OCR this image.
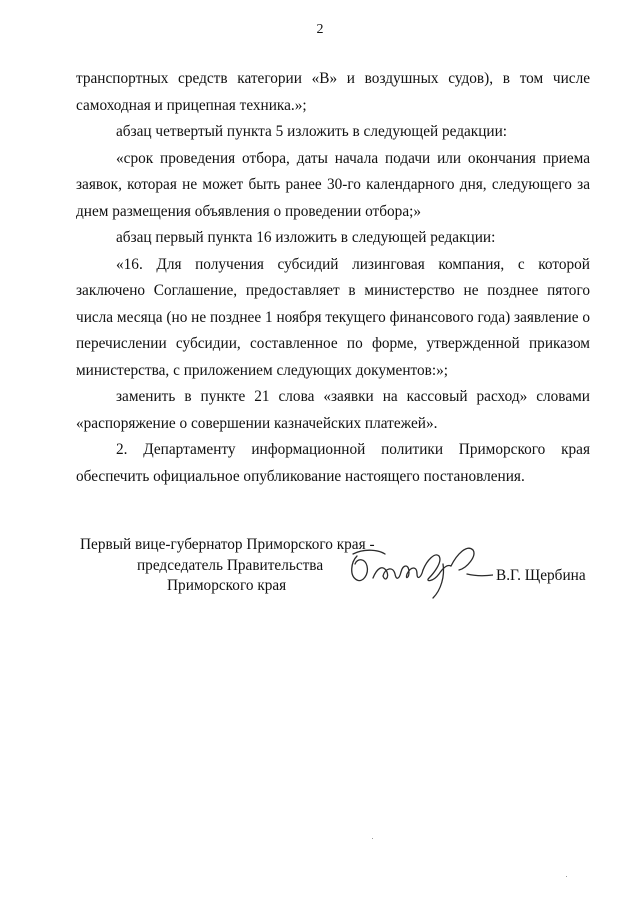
2

транспортных средств категории «В» и воздушных судов), в том числе самоходная и прицепная техника.»;

абзац четвертый пункта 5 изложить в следующей редакции:

«срок проведения отбора, даты начала подачи или окончания приема заявок, которая не может быть ранее 30-го календарного дня, следующего за днем размещения объявления о проведении отбора;»

абзац первый пункта 16 изложить в следующей редакции:

«16. Для получения субсидий лизинговая компания, с которой заключено Соглашение, предоставляет в министерство не позднее пятого числа месяца (но не позднее 1 ноября текущего финансового года) заявление о перечислении субсидии, составленное по форме, утвержденной приказом министерства, с приложением следующих документов:»;

заменить в пункте 21 слова «заявки на кассовый расход» словами «распоряжение о совершении казначейских платежей».

2. Департаменту информационной политики Приморского края обеспечить официальное опубликование настоящего постановления.

Первый вице-губернатор Приморского края -
председатель Правительства
Приморского края
В.Г. Щербина
